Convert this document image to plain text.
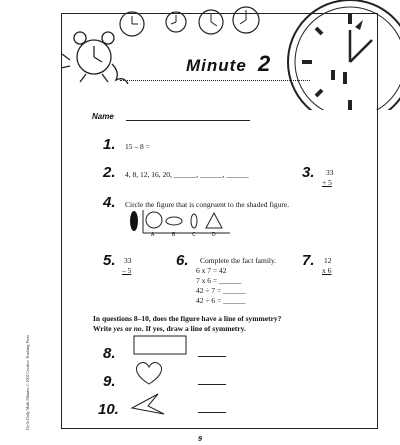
Do-It-Daily Math Minutes © 2002 Creative Teaching Press
Minute 2
Name
1. 15 – 8 =
2. 4, 8, 12, 16, 20, ______, ______, ______	3. 33
+ 5
4. Circle the figure that is congruent to the shaded figure.
A	B	C	D
5. 33
– 5
6. Complete the fact family.
6 x 7 = 42
7 x 6 = ______
42 ÷ 7 = ______
42 ÷ 6 = ______
7. 12
x 6
In questions 8–10, does the figure have a line of symmetry?
Write yes or no. If yes, draw a line of symmetry.
8.
9.
10.
9
